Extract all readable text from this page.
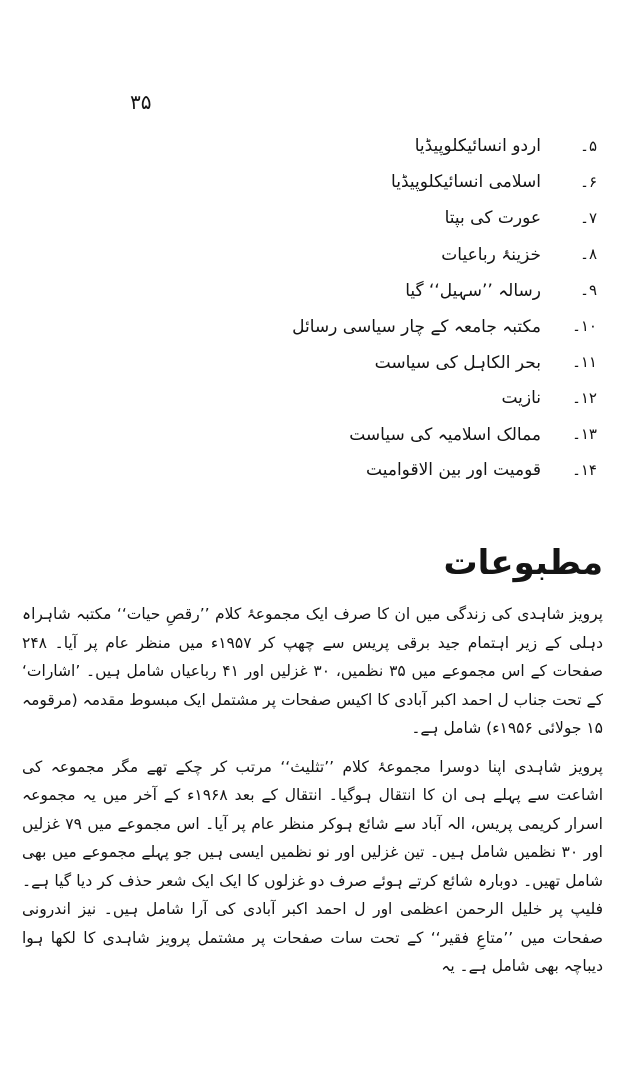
۳۵
۵۔
اردو انسائیکلوپیڈیا
۶۔
اسلامی انسائیکلوپیڈیا
۷۔
عورت کی بپتا
۸۔
خزینۂ رباعیات
۹۔
رسالہ ’’سہیل‘‘ گیا
۱۰۔
مکتبہ جامعہ کے چار سیاسی رسائل
۱۱۔
بحر الکاہل کی سیاست
۱۲۔
نازیت
۱۳۔
ممالک اسلامیہ کی سیاست
۱۴۔
قومیت اور بین الاقوامیت
مطبوعات

پرویز شاہدی کی زندگی میں ان کا صرف ایک مجموعۂ کلام ’’رقصِ حیات‘‘ مکتبہ شاہراہ دہلی کے زیر اہتمام جید برقی پریس سے چھپ کر ۱۹۵۷ء میں منظر عام پر آیا۔ ۲۴۸ صفحات کے اس مجموعے میں ۳۵ نظمیں، ۳۰ غزلیں اور ۴۱ رباعیاں شامل ہیں۔ ’اشارات‘ کے تحت جناب ل احمد اکبر آبادی کا اکیس صفحات پر مشتمل ایک مبسوط مقدمہ (مرقومہ ۱۵ جولائی ۱۹۵۶ء) شامل ہے۔

پرویز شاہدی اپنا دوسرا مجموعۂ کلام ’’تثلیث‘‘ مرتب کر چکے تھے مگر مجموعہ کی اشاعت سے پہلے ہی ان کا انتقال ہوگیا۔ انتقال کے بعد ۱۹۶۸ء کے آخر میں یہ مجموعہ اسرار کریمی پریس، الہ آباد سے شائع ہوکر منظر عام پر آیا۔ اس مجموعے میں ۷۹ غزلیں اور ۳۰ نظمیں شامل ہیں۔ تین غزلیں اور نو نظمیں ایسی ہیں جو پہلے مجموعے میں بھی شامل تھیں۔ دوبارہ شائع کرتے ہوئے صرف دو غزلوں کا ایک ایک شعر حذف کر دیا گیا ہے۔ فلیپ پر خلیل الرحمن اعظمی اور ل احمد اکبر آبادی کی آرا شامل ہیں۔ نیز اندرونی صفحات میں ’’متاعِ فقیر‘‘ کے تحت سات صفحات پر مشتمل پرویز شاہدی کا لکھا ہوا دیباچہ بھی شامل ہے۔ یہ
